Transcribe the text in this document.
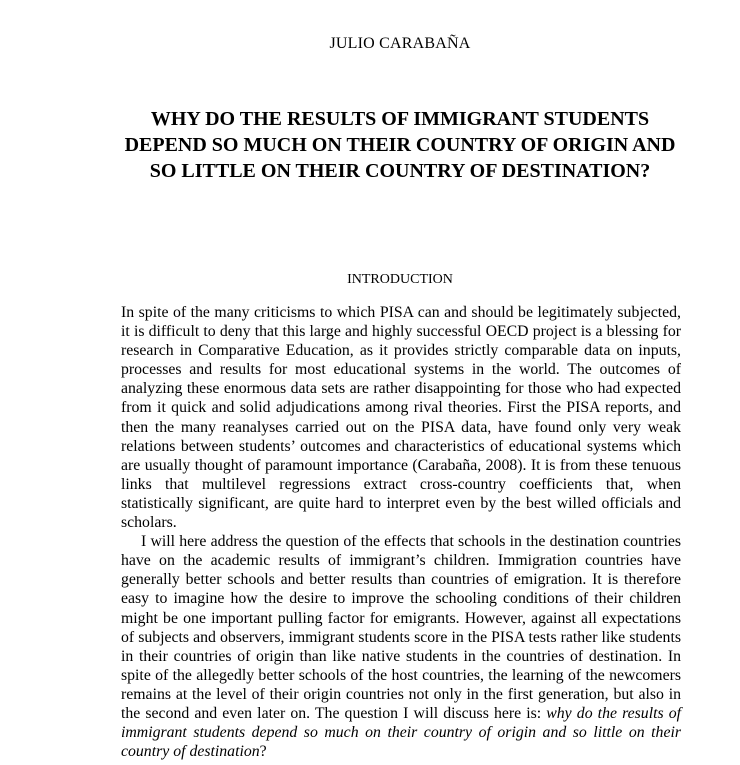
JULIO CARABAÑA
WHY DO THE RESULTS OF IMMIGRANT STUDENTS DEPEND SO MUCH ON THEIR COUNTRY OF ORIGIN AND SO LITTLE ON THEIR COUNTRY OF DESTINATION?
INTRODUCTION

In spite of the many criticisms to which PISA can and should be legitimately subjected, it is difficult to deny that this large and highly successful OECD project is a blessing for research in Comparative Education, as it provides strictly comparable data on inputs, processes and results for most educational systems in the world. The outcomes of analyzing these enormous data sets are rather disappointing for those who had expected from it quick and solid adjudications among rival theories. First the PISA reports, and then the many reanalyses carried out on the PISA data, have found only very weak relations between students’ outcomes and characteristics of educational systems which are usually thought of paramount importance (Carabaña, 2008). It is from these tenuous links that multilevel regressions extract cross-country coefficients that, when statistically significant, are quite hard to interpret even by the best willed officials and scholars.

I will here address the question of the effects that schools in the destination countries have on the academic results of immigrant’s children. Immigration countries have generally better schools and better results than countries of emigration. It is therefore easy to imagine how the desire to improve the schooling conditions of their children might be one important pulling factor for emigrants. However, against all expectations of subjects and observers, immigrant students score in the PISA tests rather like students in their countries of origin than like native students in the countries of destination. In spite of the allegedly better schools of the host countries, the learning of the newcomers remains at the level of their origin countries not only in the first generation, but also in the second and even later on. The question I will discuss here is: why do the results of immigrant students depend so much on their country of origin and so little on their country of destination?
